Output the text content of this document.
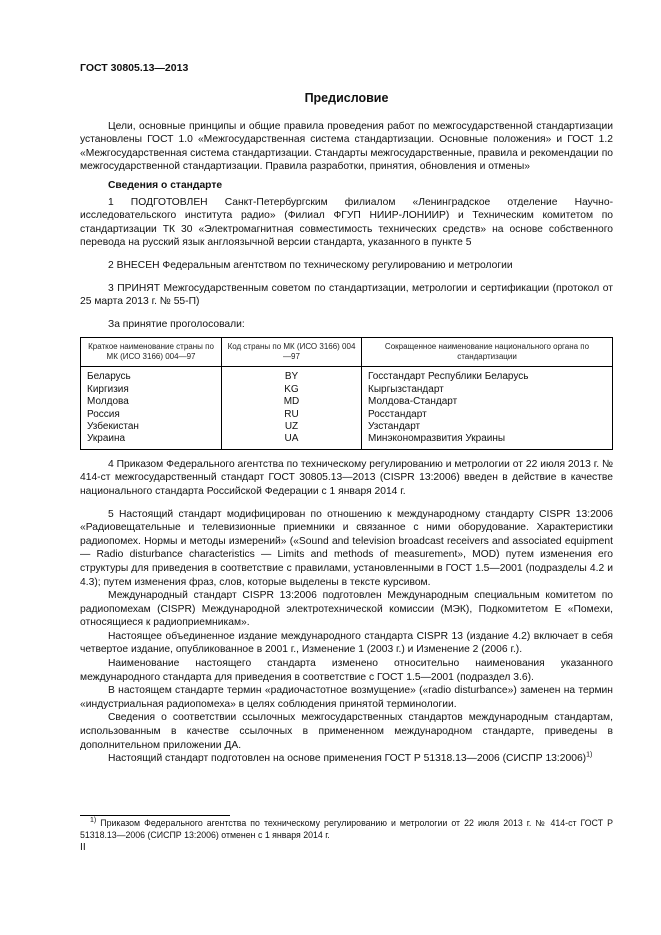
ГОСТ 30805.13—2013
Предисловие

Цели, основные принципы и общие правила проведения работ по межгосударственной стандартизации установлены ГОСТ 1.0 «Межгосударственная система стандартизации. Основные положения» и ГОСТ 1.2 «Межгосударственная система стандартизации. Стандарты межгосударственные, правила и рекомендации по межгосударственной стандартизации. Правила разработки, принятия, обновления и отмены»

Сведения о стандарте

1 ПОДГОТОВЛЕН Санкт-Петербургским филиалом «Ленинградское отделение Научно-исследовательского института радио» (Филиал ФГУП НИИР-ЛОНИИР) и Техническим комитетом по стандартизации ТК 30 «Электромагнитная совместимость технических средств» на основе собственного перевода на русский язык англоязычной версии стандарта, указанного в пункте 5

2 ВНЕСЕН Федеральным агентством по техническому регулированию и метрологии

3 ПРИНЯТ Межгосударственным советом по стандартизации, метрологии и сертификации (протокол от 25 марта 2013 г. № 55-П)

За принятие проголосовали:

Краткое наименование страны по МК (ИСО 3166) 004—97	Код страны по МК (ИСО 3166) 004—97	Сокращенное наименование национального органа по стандартизации
Беларусь	BY	Госстандарт Республики Беларусь
Киргизия	KG	Кыргызстандарт
Молдова	MD	Молдова-Стандарт
Россия	RU	Росстандарт
Узбекистан	UZ	Узстандарт
Украина	UA	Минэкономразвития Украины

4 Приказом Федерального агентства по техническому регулированию и метрологии от 22 июля 2013 г. № 414-ст межгосударственный стандарт ГОСТ 30805.13—2013 (CISPR 13:2006) введен в действие в качестве национального стандарта Российской Федерации с 1 января 2014 г.

5 Настоящий стандарт модифицирован по отношению к международному стандарту CISPR 13:2006 «Радиовещательные и телевизионные приемники и связанное с ними оборудование. Характеристики радиопомех. Нормы и методы измерений» («Sound and television broadcast receivers and associated equipment — Radio disturbance characteristics — Limits and methods of measurement», MOD) путем изменения его структуры для приведения в соответствие с правилами, установленными в ГОСТ 1.5—2001 (подразделы 4.2 и 4.3); путем изменения фраз, слов, которые выделены в тексте курсивом.

Международный стандарт CISPR 13:2006 подготовлен Международным специальным комитетом по радиопомехам (CISPR) Международной электротехнической комиссии (МЭК), Подкомитетом E «Помехи, относящиеся к радиоприемникам».

Настоящее объединенное издание международного стандарта CISPR 13 (издание 4.2) включает в себя четвертое издание, опубликованное в 2001 г., Изменение 1 (2003 г.) и Изменение 2 (2006 г.).

Наименование настоящего стандарта изменено относительно наименования указанного международного стандарта для приведения в соответствие с ГОСТ 1.5—2001 (подраздел 3.6).

В настоящем стандарте термин «радиочастотное возмущение» («radio disturbance») заменен на термин «индустриальная радиопомеха» в целях соблюдения принятой терминологии.

Сведения о соответствии ссылочных межгосударственных стандартов международным стандартам, использованным в качестве ссылочных в примененном международном стандарте, приведены в дополнительном приложении ДА.

Настоящий стандарт подготовлен на основе применения ГОСТ Р 51318.13—2006 (СИСПР 13:2006)$^{1)}$

$^{1)}$ Приказом Федерального агентства по техническому регулированию и метрологии от 22 июля 2013 г. № 414-ст ГОСТ Р 51318.13—2006 (СИСПР 13:2006) отменен с 1 января 2014 г.
II
